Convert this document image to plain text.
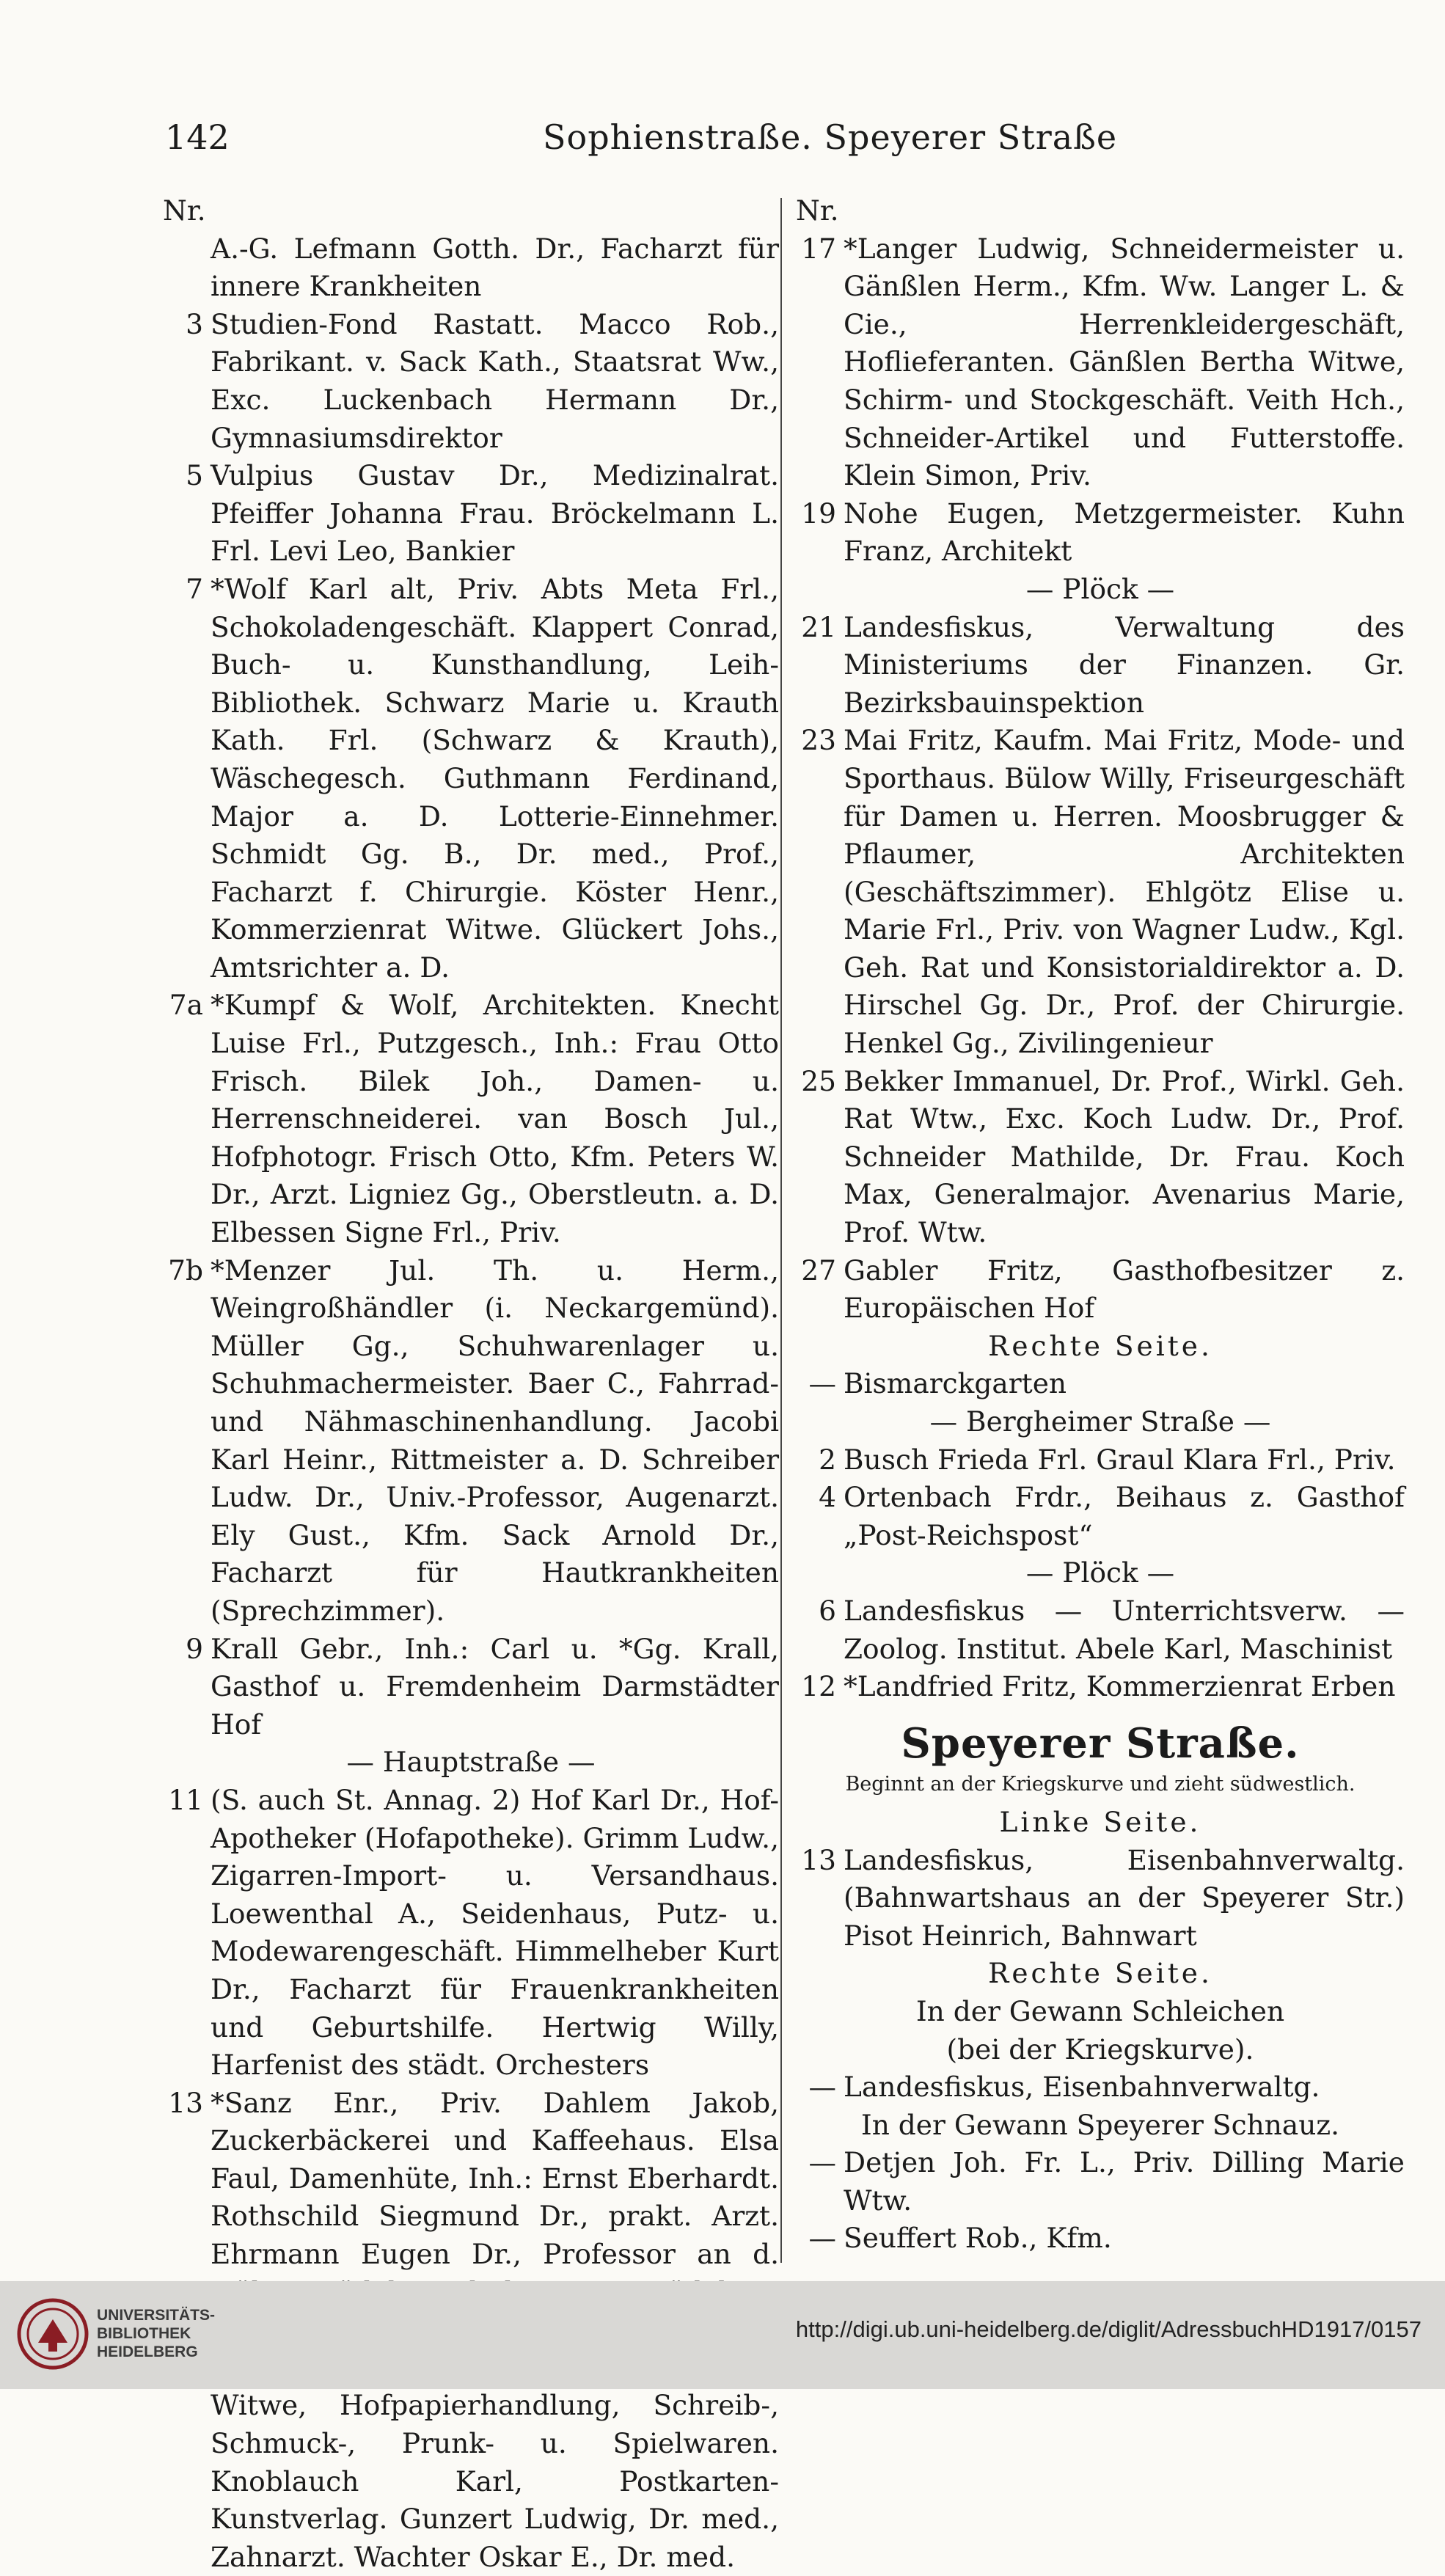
142	Sophienstraße. Speyerer Straße
Nr.
A.-G. Lefmann Gotth. Dr., Facharzt für innere Krankheiten
3 Studien-Fond Rastatt. Macco Rob., Fabrikant. v. Sack Kath., Staatsrat Ww., Exc. Luckenbach Hermann Dr., Gymnasiumsdirektor
5 Vulpius Gustav Dr., Medizinalrat. Pfeiffer Johanna Frau. Bröckelmann L. Frl. Levi Leo, Bankier
7 *Wolf Karl alt, Priv. Abts Meta Frl., Schokoladengeschäft. Klappert Conrad, Buch- u. Kunsthandlung, Leih-Bibliothek. Schwarz Marie u. Krauth Kath. Frl. (Schwarz & Krauth), Wäschegesch. Guthmann Ferdinand, Major a. D. Lotterie-Einnehmer. Schmidt Gg. B., Dr. med., Prof., Facharzt f. Chirurgie. Köster Henr., Kommerzienrat Witwe. Glückert Johs., Amtsrichter a. D.
7a *Kumpf & Wolf, Architekten. Knecht Luise Frl., Putzgesch., Inh.: Frau Otto Frisch. Bilek Joh., Damen- u. Herrenschneiderei. van Bosch Jul., Hofphotogr. Frisch Otto, Kfm. Peters W. Dr., Arzt. Ligniez Gg., Oberstleutn. a. D. Elbessen Signe Frl., Priv.
7b *Menzer Jul. Th. u. Herm., Weingroßhändler (i. Neckargemünd). Müller Gg., Schuhwarenlager u. Schuhmachermeister. Baer C., Fahrrad- und Nähmaschinenhandlung. Jacobi Karl Heinr., Rittmeister a. D. Schreiber Ludw. Dr., Univ.-Professor, Augenarzt. Ely Gust., Kfm. Sack Arnold Dr., Facharzt für Hautkrankheiten (Sprechzimmer).
9 Krall Gebr., Inh.: Carl u. *Gg. Krall, Gasthof u. Fremdenheim Darmstädter Hof
— Hauptstraße —
11 (S. auch St. Annag. 2) Hof Karl Dr., Hof-Apotheker (Hofapotheke). Grimm Ludw., Zigarren-Import- u. Versandhaus. Loewenthal A., Seidenhaus, Putz- u. Modewarengeschäft. Himmelheber Kurt Dr., Facharzt für Frauenkrankheiten und Geburtshilfe. Hertwig Willy, Harfenist des städt. Orchesters
13 *Sanz Enr., Priv. Dahlem Jakob, Zuckerbäckerei und Kaffeehaus. Elsa Faul, Damenhüte, Inh.: Ernst Eberhardt. Rothschild Siegmund Dr., prakt. Arzt. Ehrmann Eugen Dr., Professor an d.
Witwe, Hofpapierhandlung, Schreib-, Schmuck-, Prunk- u. Spielwaren. Knoblauch Karl, Postkarten-Kunstverlag. Gunzert Ludwig, Dr. med., Zahnarzt. Wachter Oskar E., Dr. med.
Nr.
17 *Langer Ludwig, Schneidermeister u. Gänßlen Herm., Kfm. Ww. Langer L. & Cie., Herrenkleidergeschäft, Hoflieferanten. Gänßlen Bertha Witwe, Schirm- und Stockgeschäft. Veith Hch., Schneider-Artikel und Futterstoffe. Klein Simon, Priv.
19 Nohe Eugen, Metzgermeister. Kuhn Franz, Architekt
— Plöck —
21 Landesfiskus, Verwaltung des Ministeriums der Finanzen. Gr. Bezirksbauinspektion
23 Mai Fritz, Kaufm. Mai Fritz, Mode- und Sporthaus. Bülow Willy, Friseurgeschäft für Damen u. Herren. Moosbrugger & Pflaumer, Architekten (Geschäftszimmer). Ehlgötz Elise u. Marie Frl., Priv. von Wagner Ludw., Kgl. Geh. Rat und Konsistorialdirektor a. D. Hirschel Gg. Dr., Prof. der Chirurgie. Henkel Gg., Zivilingenieur
25 Bekker Immanuel, Dr. Prof., Wirkl. Geh. Rat Wtw., Exc. Koch Ludw. Dr., Prof. Schneider Mathilde, Dr. Frau. Koch Max, Generalmajor. Avenarius Marie, Prof. Wtw.
27 Gabler Fritz, Gasthofbesitzer z. Europäischen Hof
Rechte Seite.
— Bismarckgarten
— Bergheimer Straße —
2 Busch Frieda Frl. Graul Klara Frl., Priv.
4 Ortenbach Frdr., Beihaus z. Gasthof „Post-Reichspost“
— Plöck —
6 Landesfiskus — Unterrichtsverw. — Zoolog. Institut. Abele Karl, Maschinist
12 *Landfried Fritz, Kommerzienrat Erben
Speyerer Straße.
Beginnt an der Kriegskurve und zieht südwestlich.
Linke Seite.
13 Landesfiskus, Eisenbahnverwaltg. (Bahnwartshaus an der Speyerer Str.) Pisot Heinrich, Bahnwart
Rechte Seite.
In der Gewann Schleichen
(bei der Kriegskurve).
— Landesfiskus, Eisenbahnverwaltg.
In der Gewann Speyerer Schnauz.
— Detjen Joh. Fr. L., Priv. Dilling Marie Wtw.
— Seuffert Rob., Kfm.
UNIVERSITÄTS-
BIBLIOTHEK
HEIDELBERG
http://digi.ub.uni-heidelberg.de/diglit/AdressbuchHD1917/0157
